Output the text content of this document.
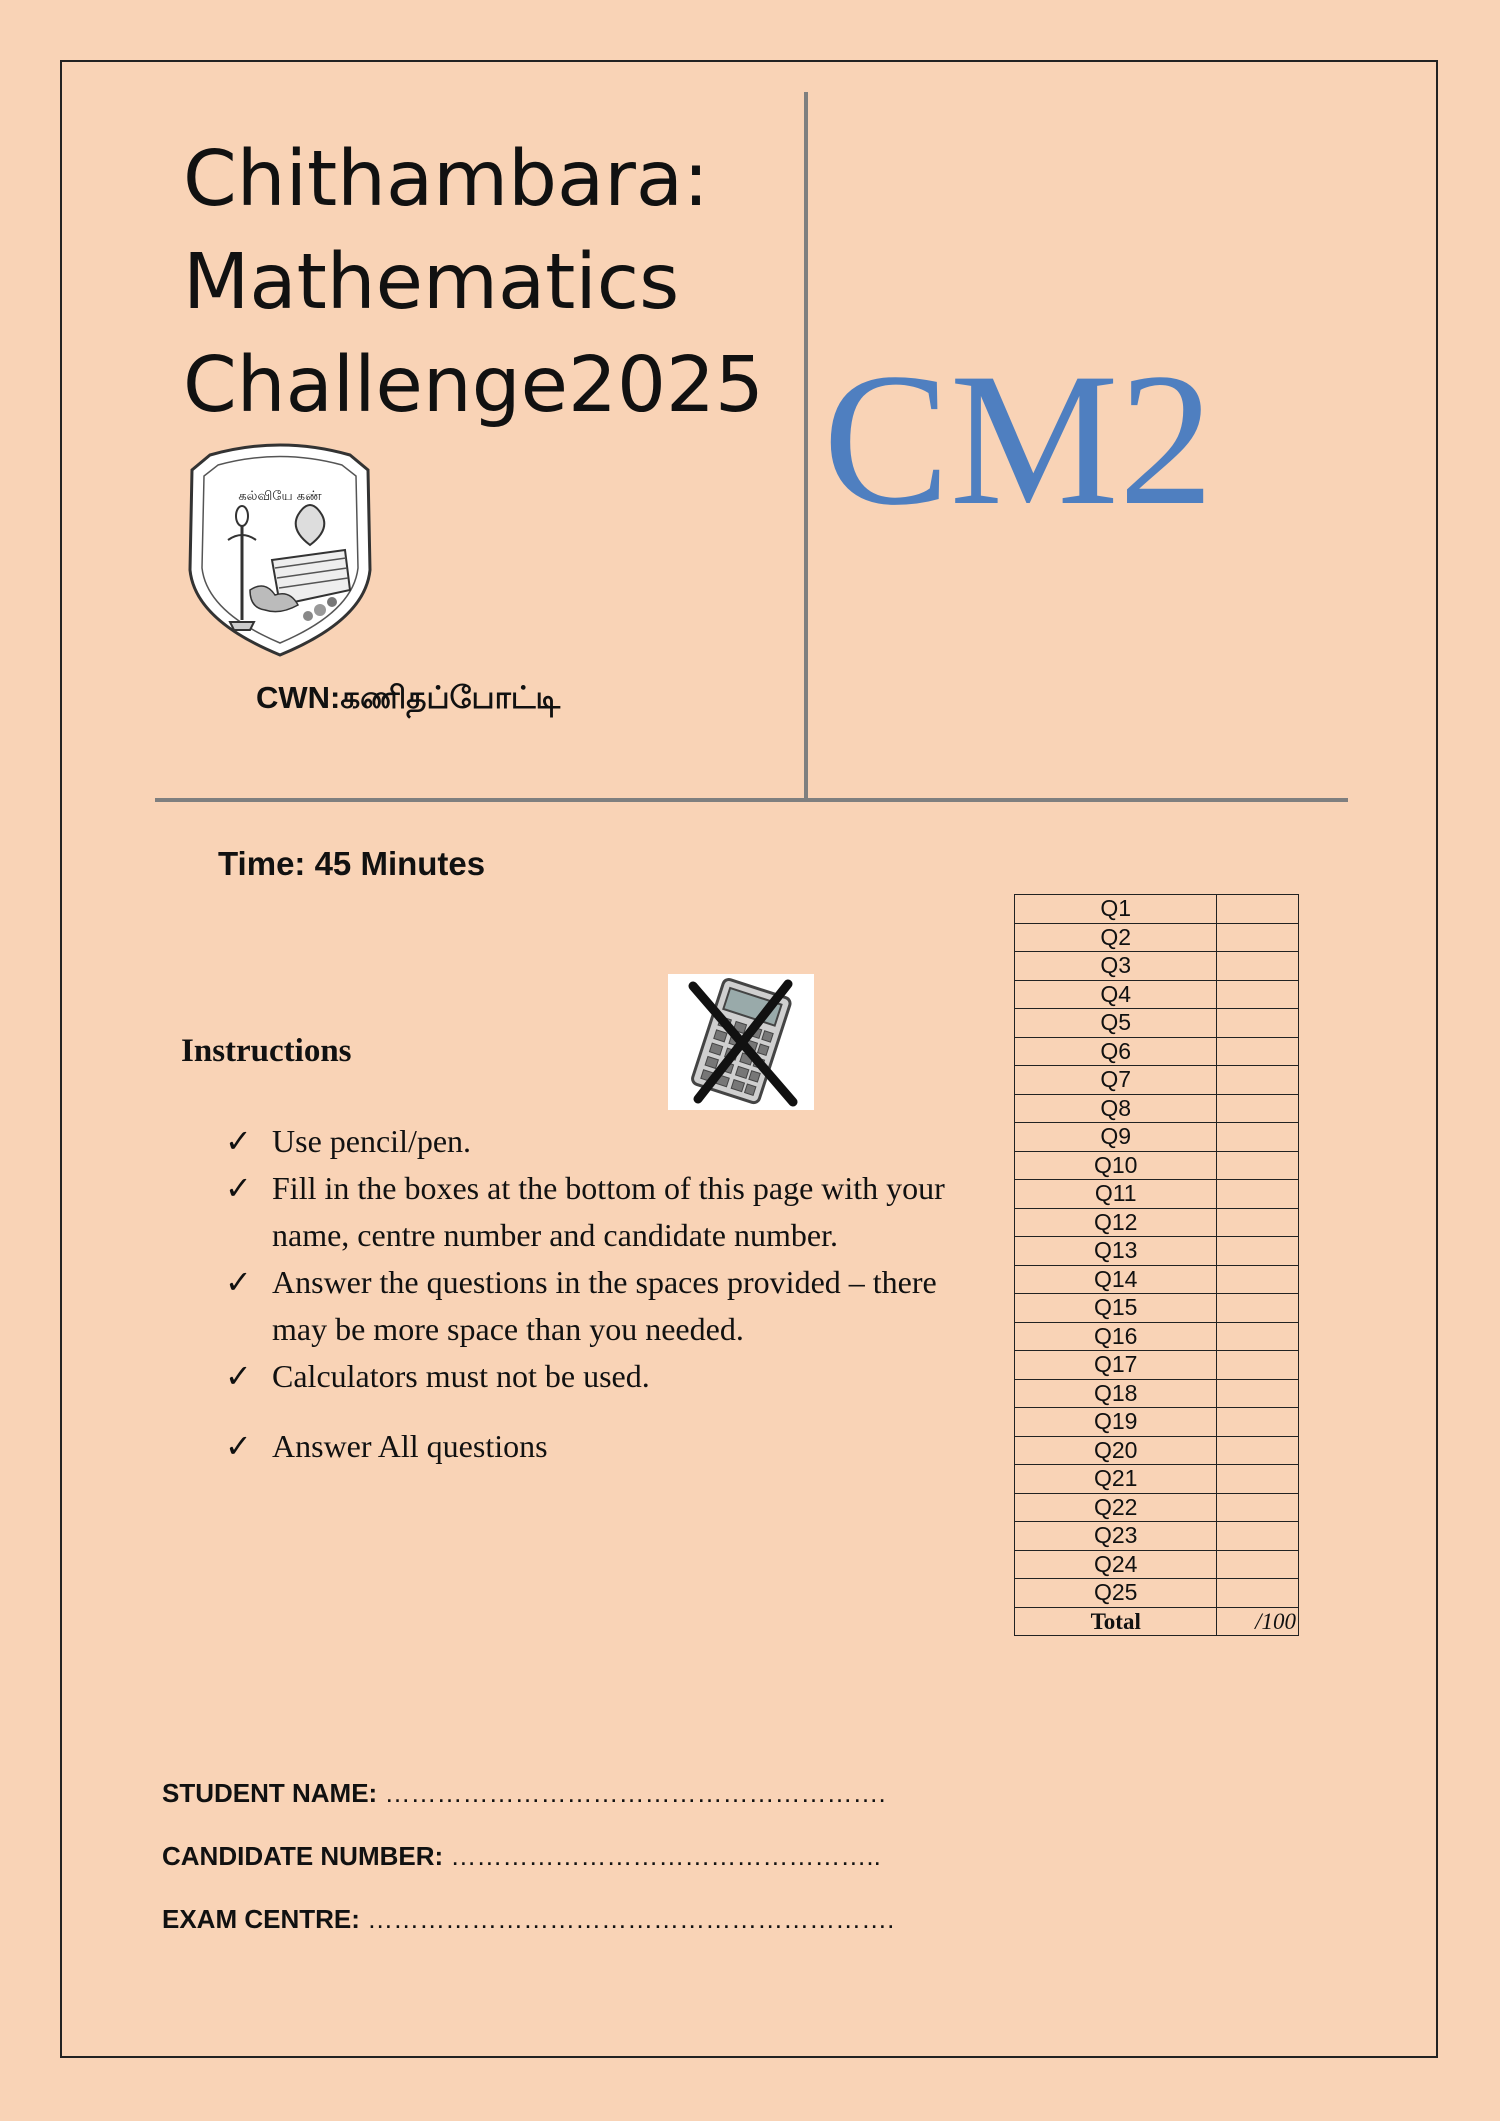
Chithambara:
Mathematics
Challenge2025 CM2
கல்வியே கண்
CWN:கணிதப்போட்டி
Time: 45 Minutes
Instructions
✓ Use pencil/pen.
✓ Fill in the boxes at the bottom of this page with your name, centre number and candidate number.
✓ Answer the questions in the spaces provided – there may be more space than you needed.
✓ Calculators must not be used.
✓ Answer All questions
Q1	
Q2	
Q3	
Q4	
Q5	
Q6	
Q7	
Q8	
Q9	
Q10	
Q11	
Q12	
Q13	
Q14	
Q15	
Q16	
Q17	
Q18	
Q19	
Q20	
Q21	
Q22	
Q23	
Q24	
Q25	
Total	/100
STUDENT NAME: ………………………………………………….
CANDIDATE NUMBER: …………………………………………..
EXAM CENTRE: …………………………………………………….
